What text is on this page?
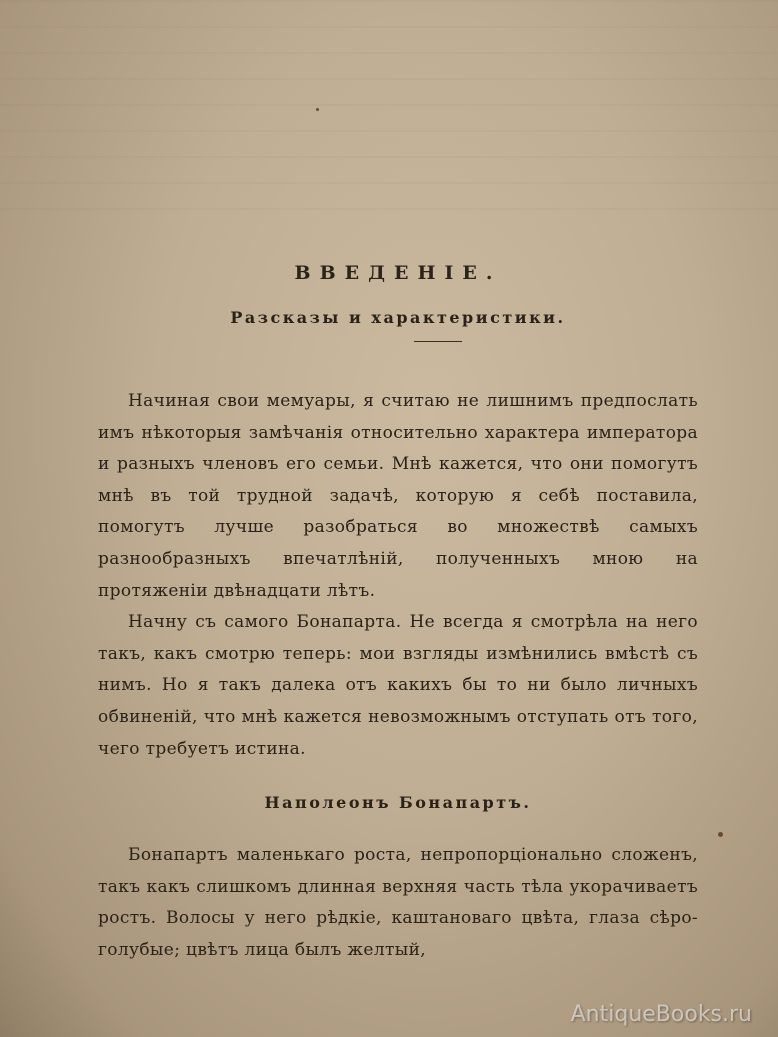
ВВЕДЕНІЕ.
Разсказы и характеристики.

Начиная свои мемуары, я считаю не лишнимъ предпослать имъ нѣкоторыя замѣчанія относительно характера императора и разныхъ членовъ его семьи. Мнѣ кажется, что они помогутъ мнѣ въ той трудной задачѣ, которую я себѣ поставила, помогутъ лучше разобраться во множествѣ самыхъ разнообразныхъ впечатлѣній, полученныхъ мною на протяженіи двѣнадцати лѣтъ.

Начну съ самого Бонапарта. Не всегда я смотрѣла на него такъ, какъ смотрю теперь: мои взгляды измѣнились вмѣстѣ съ нимъ. Но я такъ далека отъ какихъ бы то ни было личныхъ обвиненій, что мнѣ кажется невозможнымъ отступать отъ того, чего требуетъ истина.

Наполеонъ Бонапартъ.

Бонапартъ маленькаго роста, непропорціонально сложенъ, такъ какъ слишкомъ длинная верхняя часть тѣла укорачиваетъ ростъ. Волосы у него рѣдкіе, каштановаго цвѣта, глаза сѣро-голубые; цвѣтъ лица былъ желтый,

AntiqueBooks.ru
